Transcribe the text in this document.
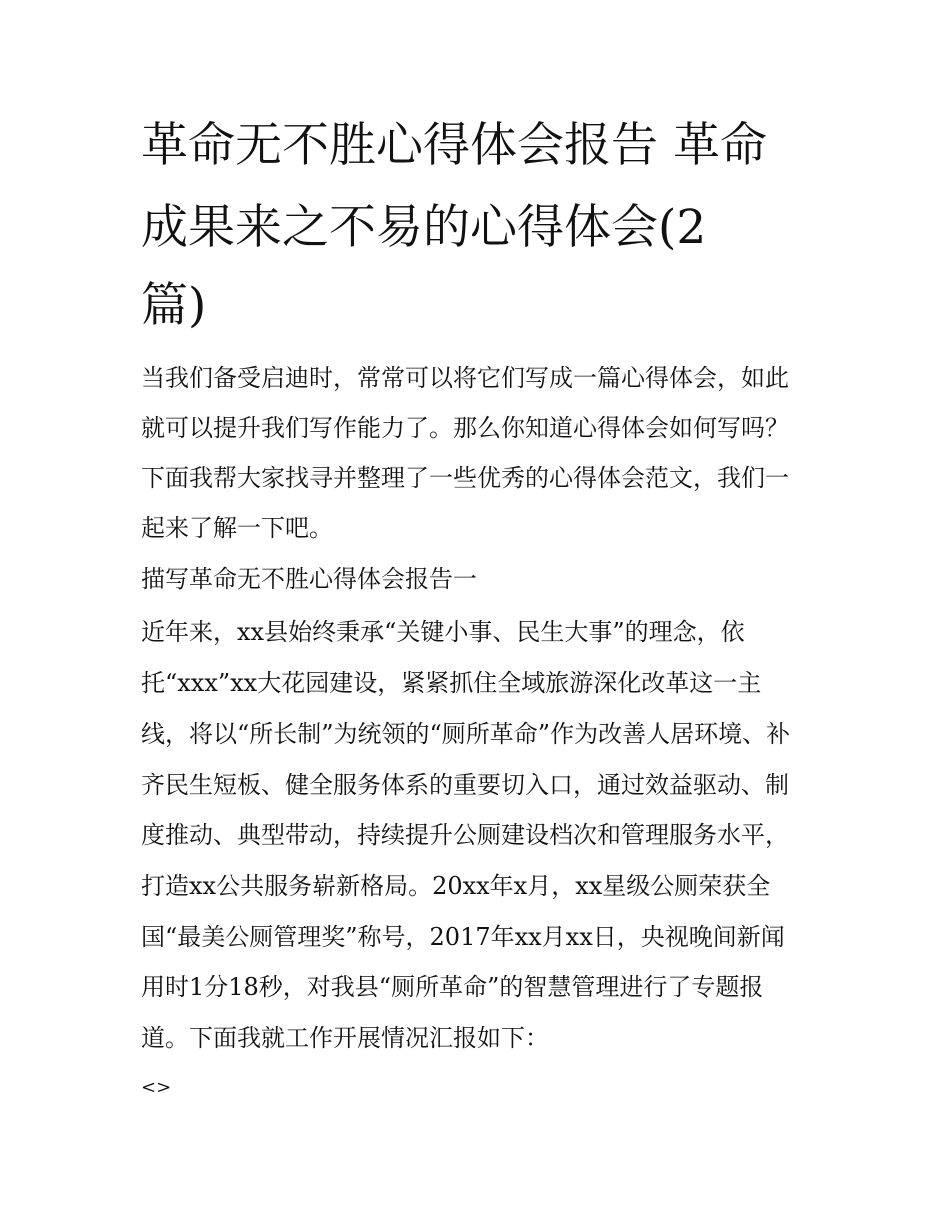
革命无不胜心得体会报告 革命
成果来之不易的心得体会(2
篇)
当我们备受启迪时，常常可以将它们写成一篇心得体会，如此
就可以提升我们写作能力了。那么你知道心得体会如何写吗？
下面我帮大家找寻并整理了一些优秀的心得体会范文，我们一
起来了解一下吧。
描写革命无不胜心得体会报告一
近年来，xx县始终秉承“关键小事、民生大事”的理念，依
托“xxx”xx大花园建设，紧紧抓住全域旅游深化改革这一主
线，将以“所长制”为统领的“厕所革命”作为改善人居环境、补
齐民生短板、健全服务体系的重要切入口，通过效益驱动、制
度推动、典型带动，持续提升公厕建设档次和管理服务水平，
打造xx公共服务崭新格局。20xx年x月，xx星级公厕荣获全
国“最美公厕管理奖”称号，2017年xx月xx日，央视晚间新闻
用时1分18秒，对我县“厕所革命”的智慧管理进行了专题报
道。下面我就工作开展情况汇报如下：
<>
